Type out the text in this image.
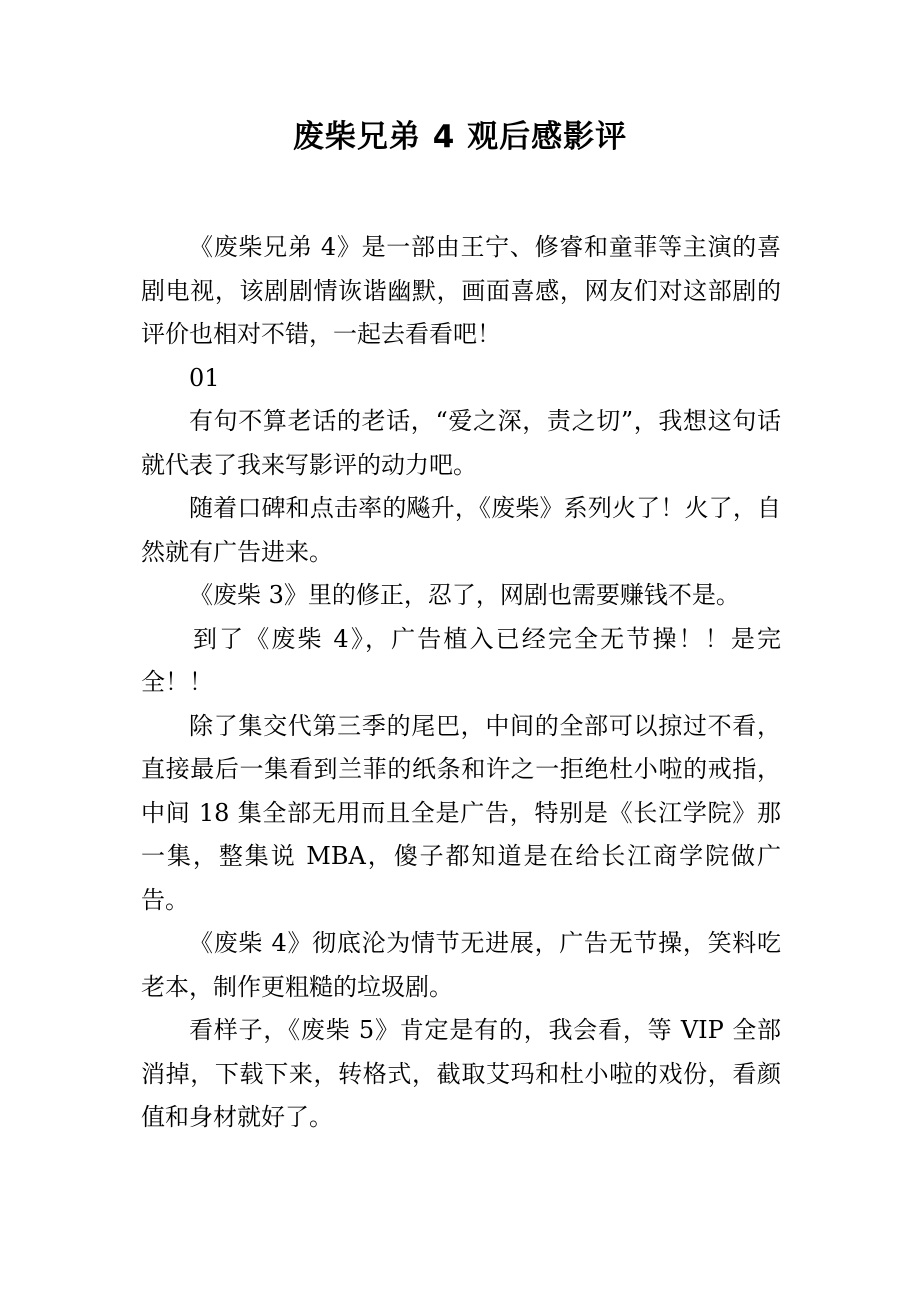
废柴兄弟 4 观后感影评

《废柴兄弟 4》是一部由王宁、修睿和童菲等主演的喜剧电视，该剧剧情诙谐幽默，画面喜感，网友们对这部剧的评价也相对不错，一起去看看吧！

01

有句不算老话的老话，“爱之深，责之切”，我想这句话就代表了我来写影评的动力吧。

随着口碑和点击率的飚升，《废柴》系列火了！火了，自然就有广告进来。

《废柴 3》里的修正，忍了，网剧也需要赚钱不是。

到了《废柴 4》，广告植入已经完全无节操！！是完全！！

除了集交代第三季的尾巴，中间的全部可以掠过不看，直接最后一集看到兰菲的纸条和许之一拒绝杜小啦的戒指，中间 18 集全部无用而且全是广告，特别是《长江学院》那一集，整集说 MBA，傻子都知道是在给长江商学院做广告。

《废柴 4》彻底沦为情节无进展，广告无节操，笑料吃老本，制作更粗糙的垃圾剧。

看样子，《废柴 5》肯定是有的，我会看，等 VIP 全部消掉，下载下来，转格式，截取艾玛和杜小啦的戏份，看颜值和身材就好了。
